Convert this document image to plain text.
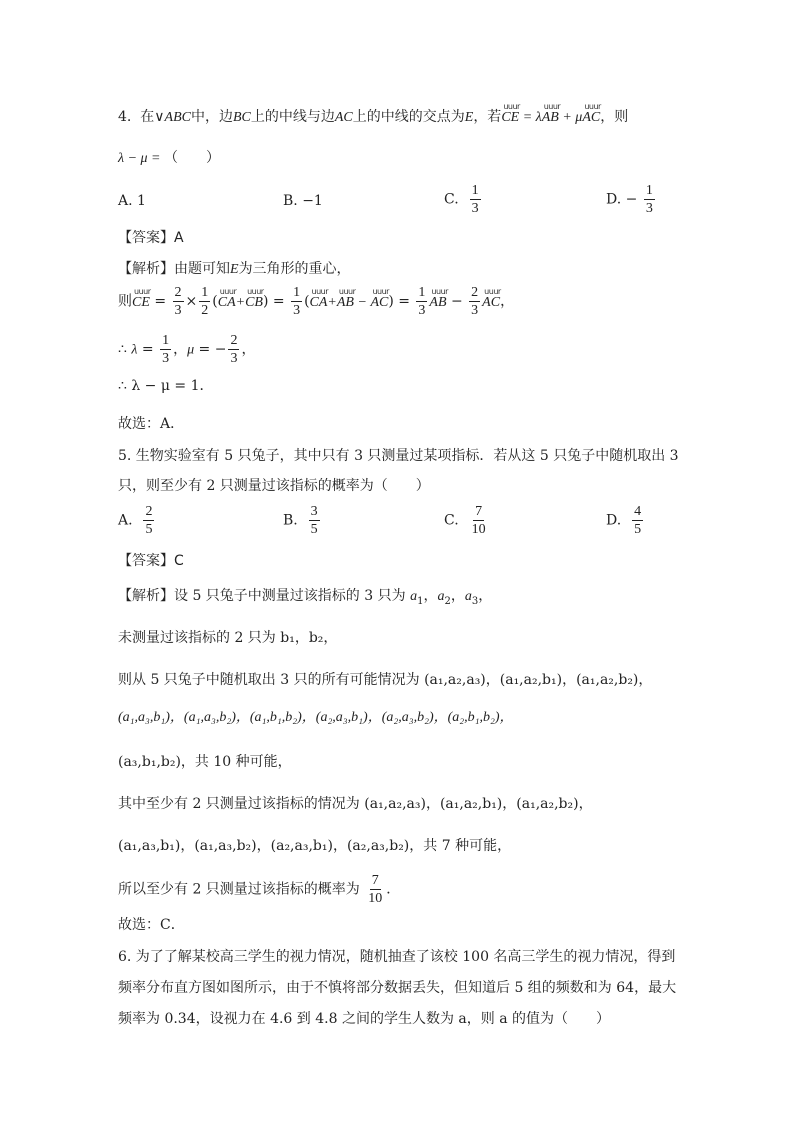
4.  在∨ABC中，边BC上的中线与边AC上的中线的交点为E，若uuur CE = λuuur AB + μuuur AC，则
λ − μ = （　　）
A. 1	B. −1	C. $\frac{1}{3}$	D. − $\frac{1}{3}$
【答案】A
【解析】由题可知E为三角形的重心，
则uuur CE = $\frac{2}{3} \times \frac{1}{2}$ (uuur CA+uuur $CB) = \frac{1}{3}$ (uuur CA+uuur AB − uuur $AC) = \frac{1}{3}$ uuur AB − $\frac{2}{3}$ uuur AC，
∴ $\lambda = \frac{1}{3}$ ，μ = − $\frac{2}{3}$ ，
∴ λ − μ = 1．
故选：A．
5. 生物实验室有 5 只兔子，其中只有 3 只测量过某项指标．若从这 5 只兔子中随机取出 3
只，则至少有 2 只测量过该指标的概率为（　　）
A. $\frac{2}{5}$	B. $\frac{3}{5}$	C. $\frac{7}{10}$	D. $\frac{4}{5}$
【答案】C
【解析】设 5 只兔子中测量过该指标的 3 只为 $a_1$，$a_2$，$a_3$，
未测量过该指标的 2 只为 b₁，b₂，
则从 5 只兔子中随机取出 3 只的所有可能情况为 (a₁,a₂,a₃)，(a₁,a₂,b₁)，(a₁,a₂,b₂)，
(a₁,a₃,b₁)，(a₁,a₃,b₂)，(a₁,b₁,b₂)，(a₂,a₃,b₁)，(a₂,a₃,b₂)，(a₂,b₁,b₂)，
(a₃,b₁,b₂)，共 10 种可能，
其中至少有 2 只测量过该指标的情况为 (a₁,a₂,a₃)，(a₁,a₂,b₁)，(a₁,a₂,b₂)，
(a₁,a₃,b₁)，(a₁,a₃,b₂)，(a₂,a₃,b₁)，(a₂,a₃,b₂)，共 7 种可能，
所以至少有 2 只测量过该指标的概率为 $\frac{7}{10}$ ．
故选：C．
6. 为了了解某校高三学生的视力情况，随机抽查了该校 100 名高三学生的视力情况，得到
频率分布直方图如图所示，由于不慎将部分数据丢失，但知道后 5 组的频数和为 64，最大
频率为 0.34，设视力在 4.6 到 4.8 之间的学生人数为 a，则 a 的值为（　　）
